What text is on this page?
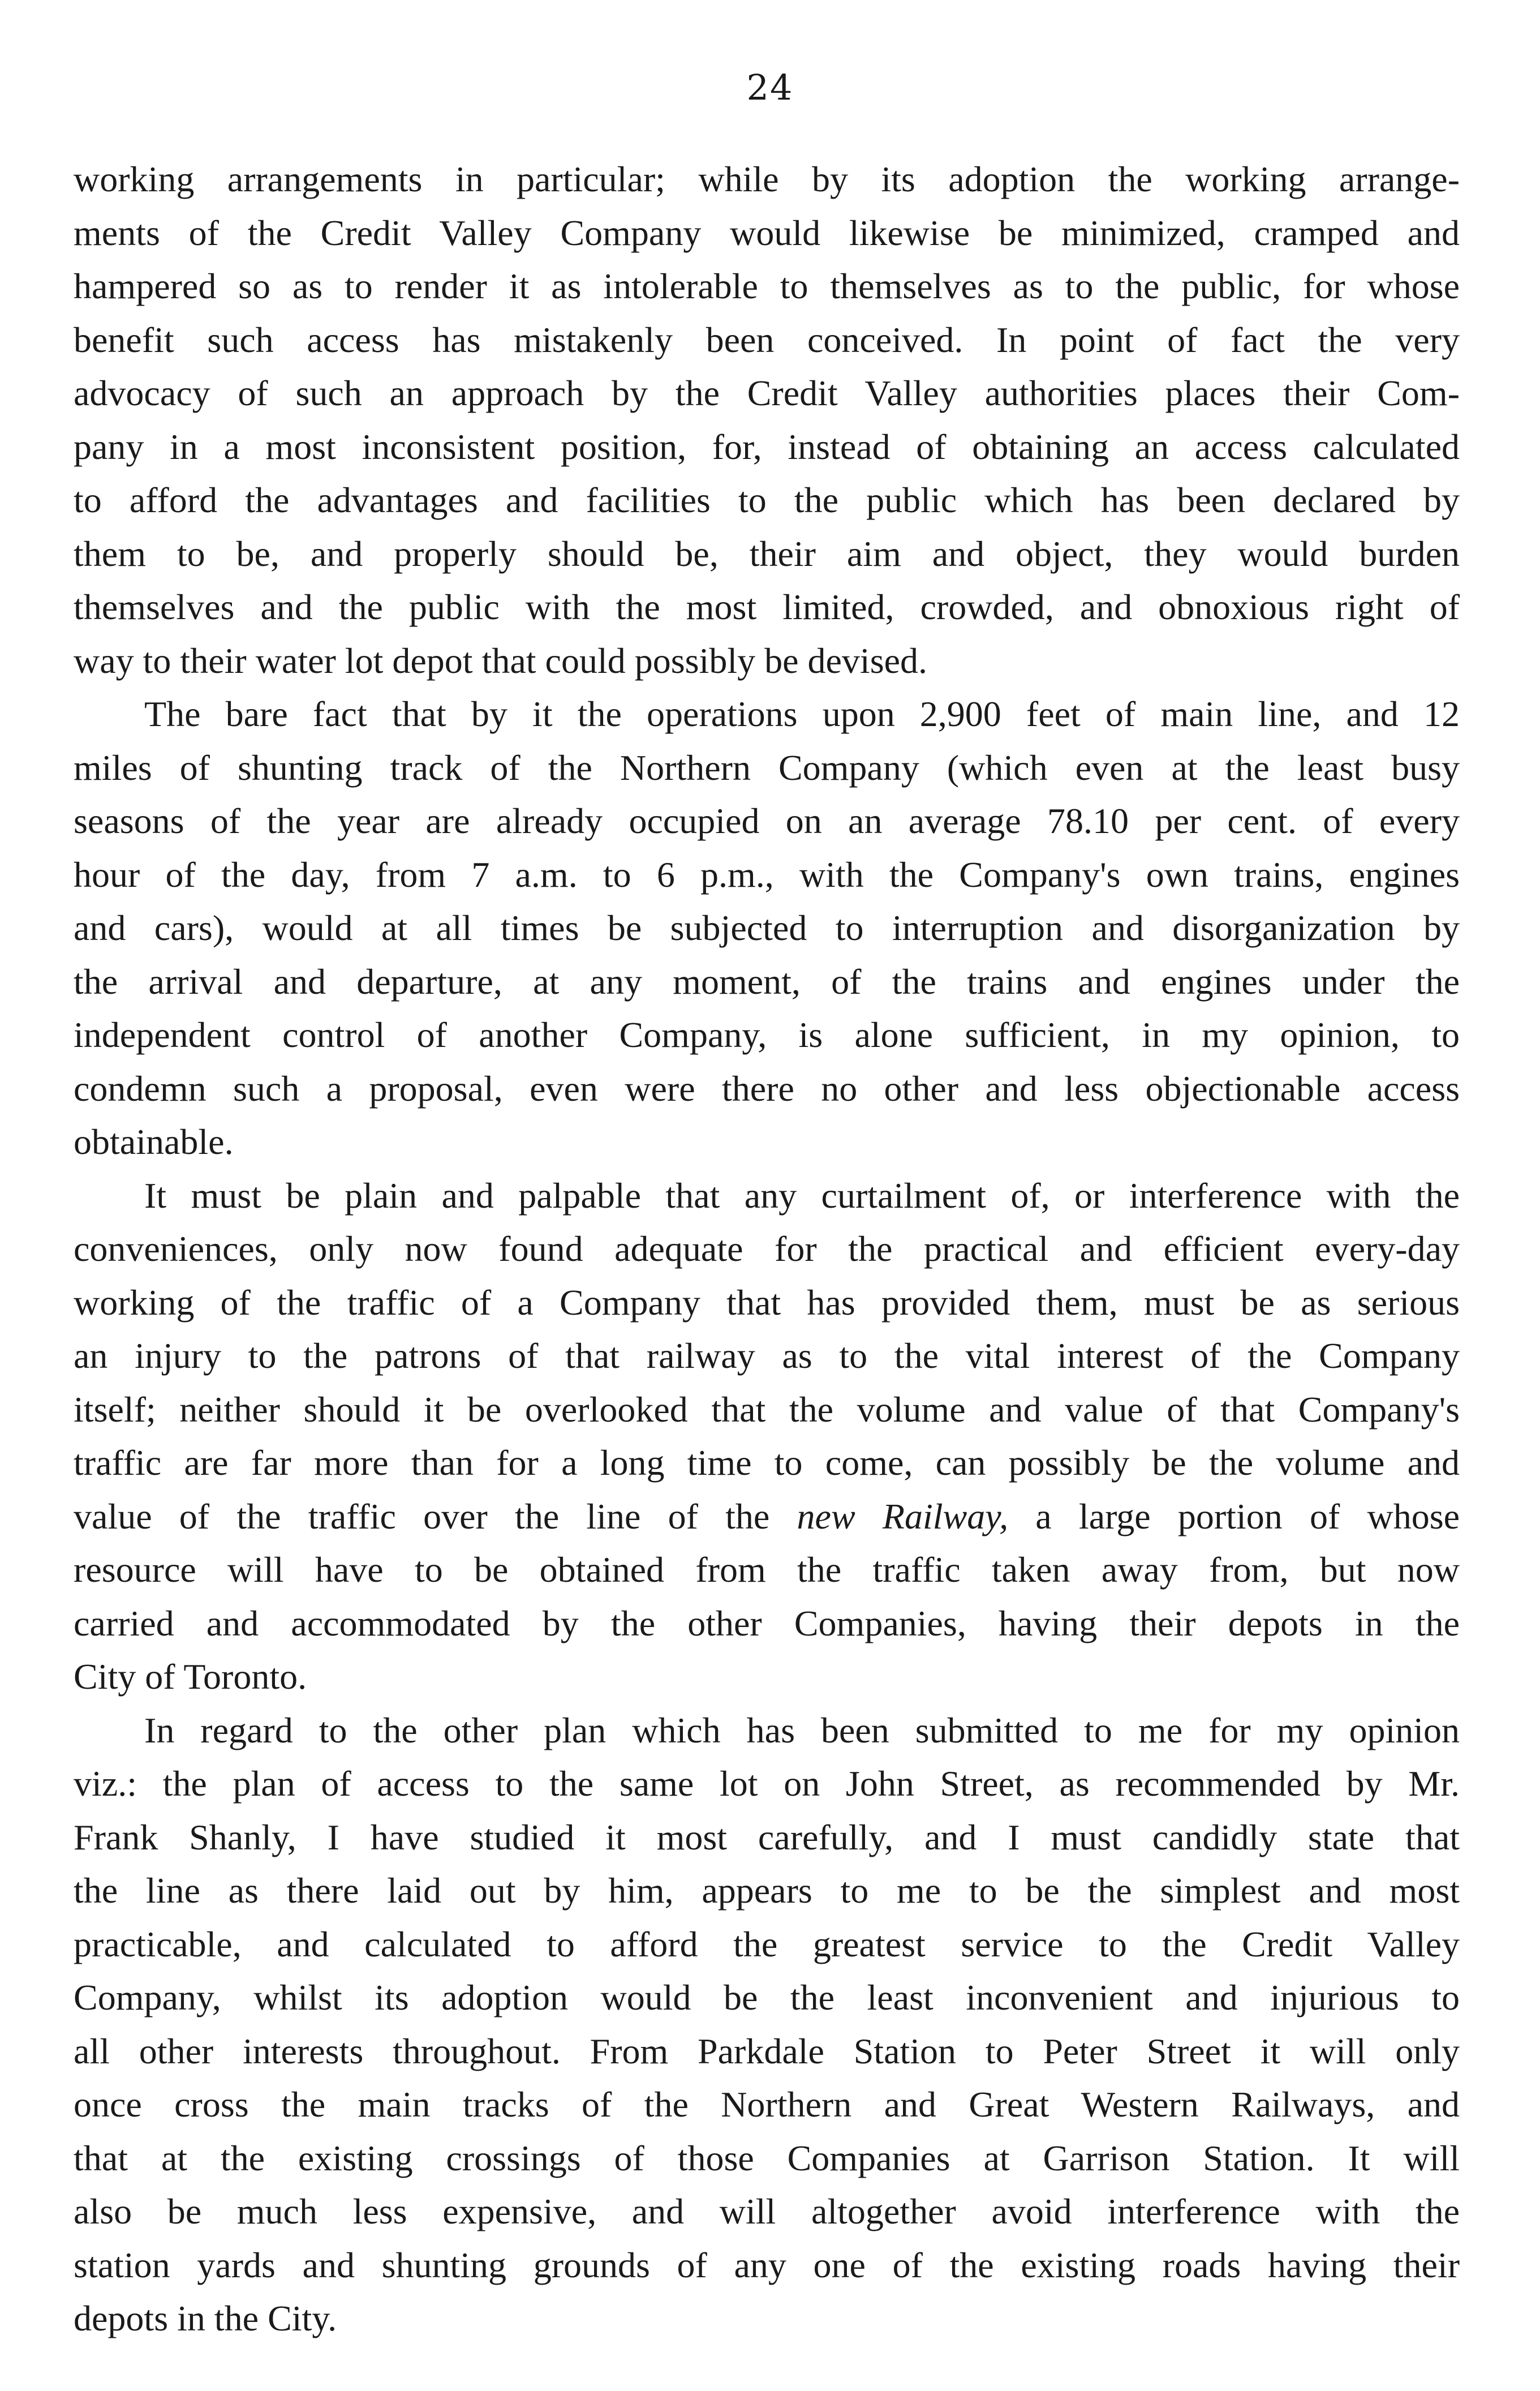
24
working arrangements in particular; while by its adoption the working arrange-
ments of the Credit Valley Company would likewise be minimized, cramped and
hampered so as to render it as intolerable to themselves as to the public, for whose
benefit such access has mistakenly been conceived. In point of fact the very
advocacy of such an approach by the Credit Valley authorities places their Com-
pany in a most inconsistent position, for, instead of obtaining an access calculated
to afford the advantages and facilities to the public which has been declared by
them to be, and properly should be, their aim and object, they would burden
themselves and the public with the most limited, crowded, and obnoxious right of
way to their water lot depot that could possibly be devised.
The bare fact that by it the operations upon 2,900 feet of main line, and 12
miles of shunting track of the Northern Company (which even at the least busy
seasons of the year are already occupied on an average 78.10 per cent. of every
hour of the day, from 7 a.m. to 6 p.m., with the Company's own trains, engines
and cars), would at all times be subjected to interruption and disorganization by
the arrival and departure, at any moment, of the trains and engines under the
independent control of another Company, is alone sufficient, in my opinion, to
condemn such a proposal, even were there no other and less objectionable access
obtainable.
It must be plain and palpable that any curtailment of, or interference with the
conveniences, only now found adequate for the practical and efficient every-day
working of the traffic of a Company that has provided them, must be as serious
an injury to the patrons of that railway as to the vital interest of the Company
itself; neither should it be overlooked that the volume and value of that Company's
traffic are far more than for a long time to come, can possibly be the volume and
value of the traffic over the line of the new Railway, a large portion of whose
resource will have to be obtained from the traffic taken away from, but now
carried and accommodated by the other Companies, having their depots in the
City of Toronto.
In regard to the other plan which has been submitted to me for my opinion
viz.: the plan of access to the same lot on John Street, as recommended by Mr.
Frank Shanly, I have studied it most carefully, and I must candidly state that
the line as there laid out by him, appears to me to be the simplest and most
practicable, and calculated to afford the greatest service to the Credit Valley
Company, whilst its adoption would be the least inconvenient and injurious to
all other interests throughout. From Parkdale Station to Peter Street it will only
once cross the main tracks of the Northern and Great Western Railways, and
that at the existing crossings of those Companies at Garrison Station. It will
also be much less expensive, and will altogether avoid interference with the
station yards and shunting grounds of any one of the existing roads having their
depots in the City.
